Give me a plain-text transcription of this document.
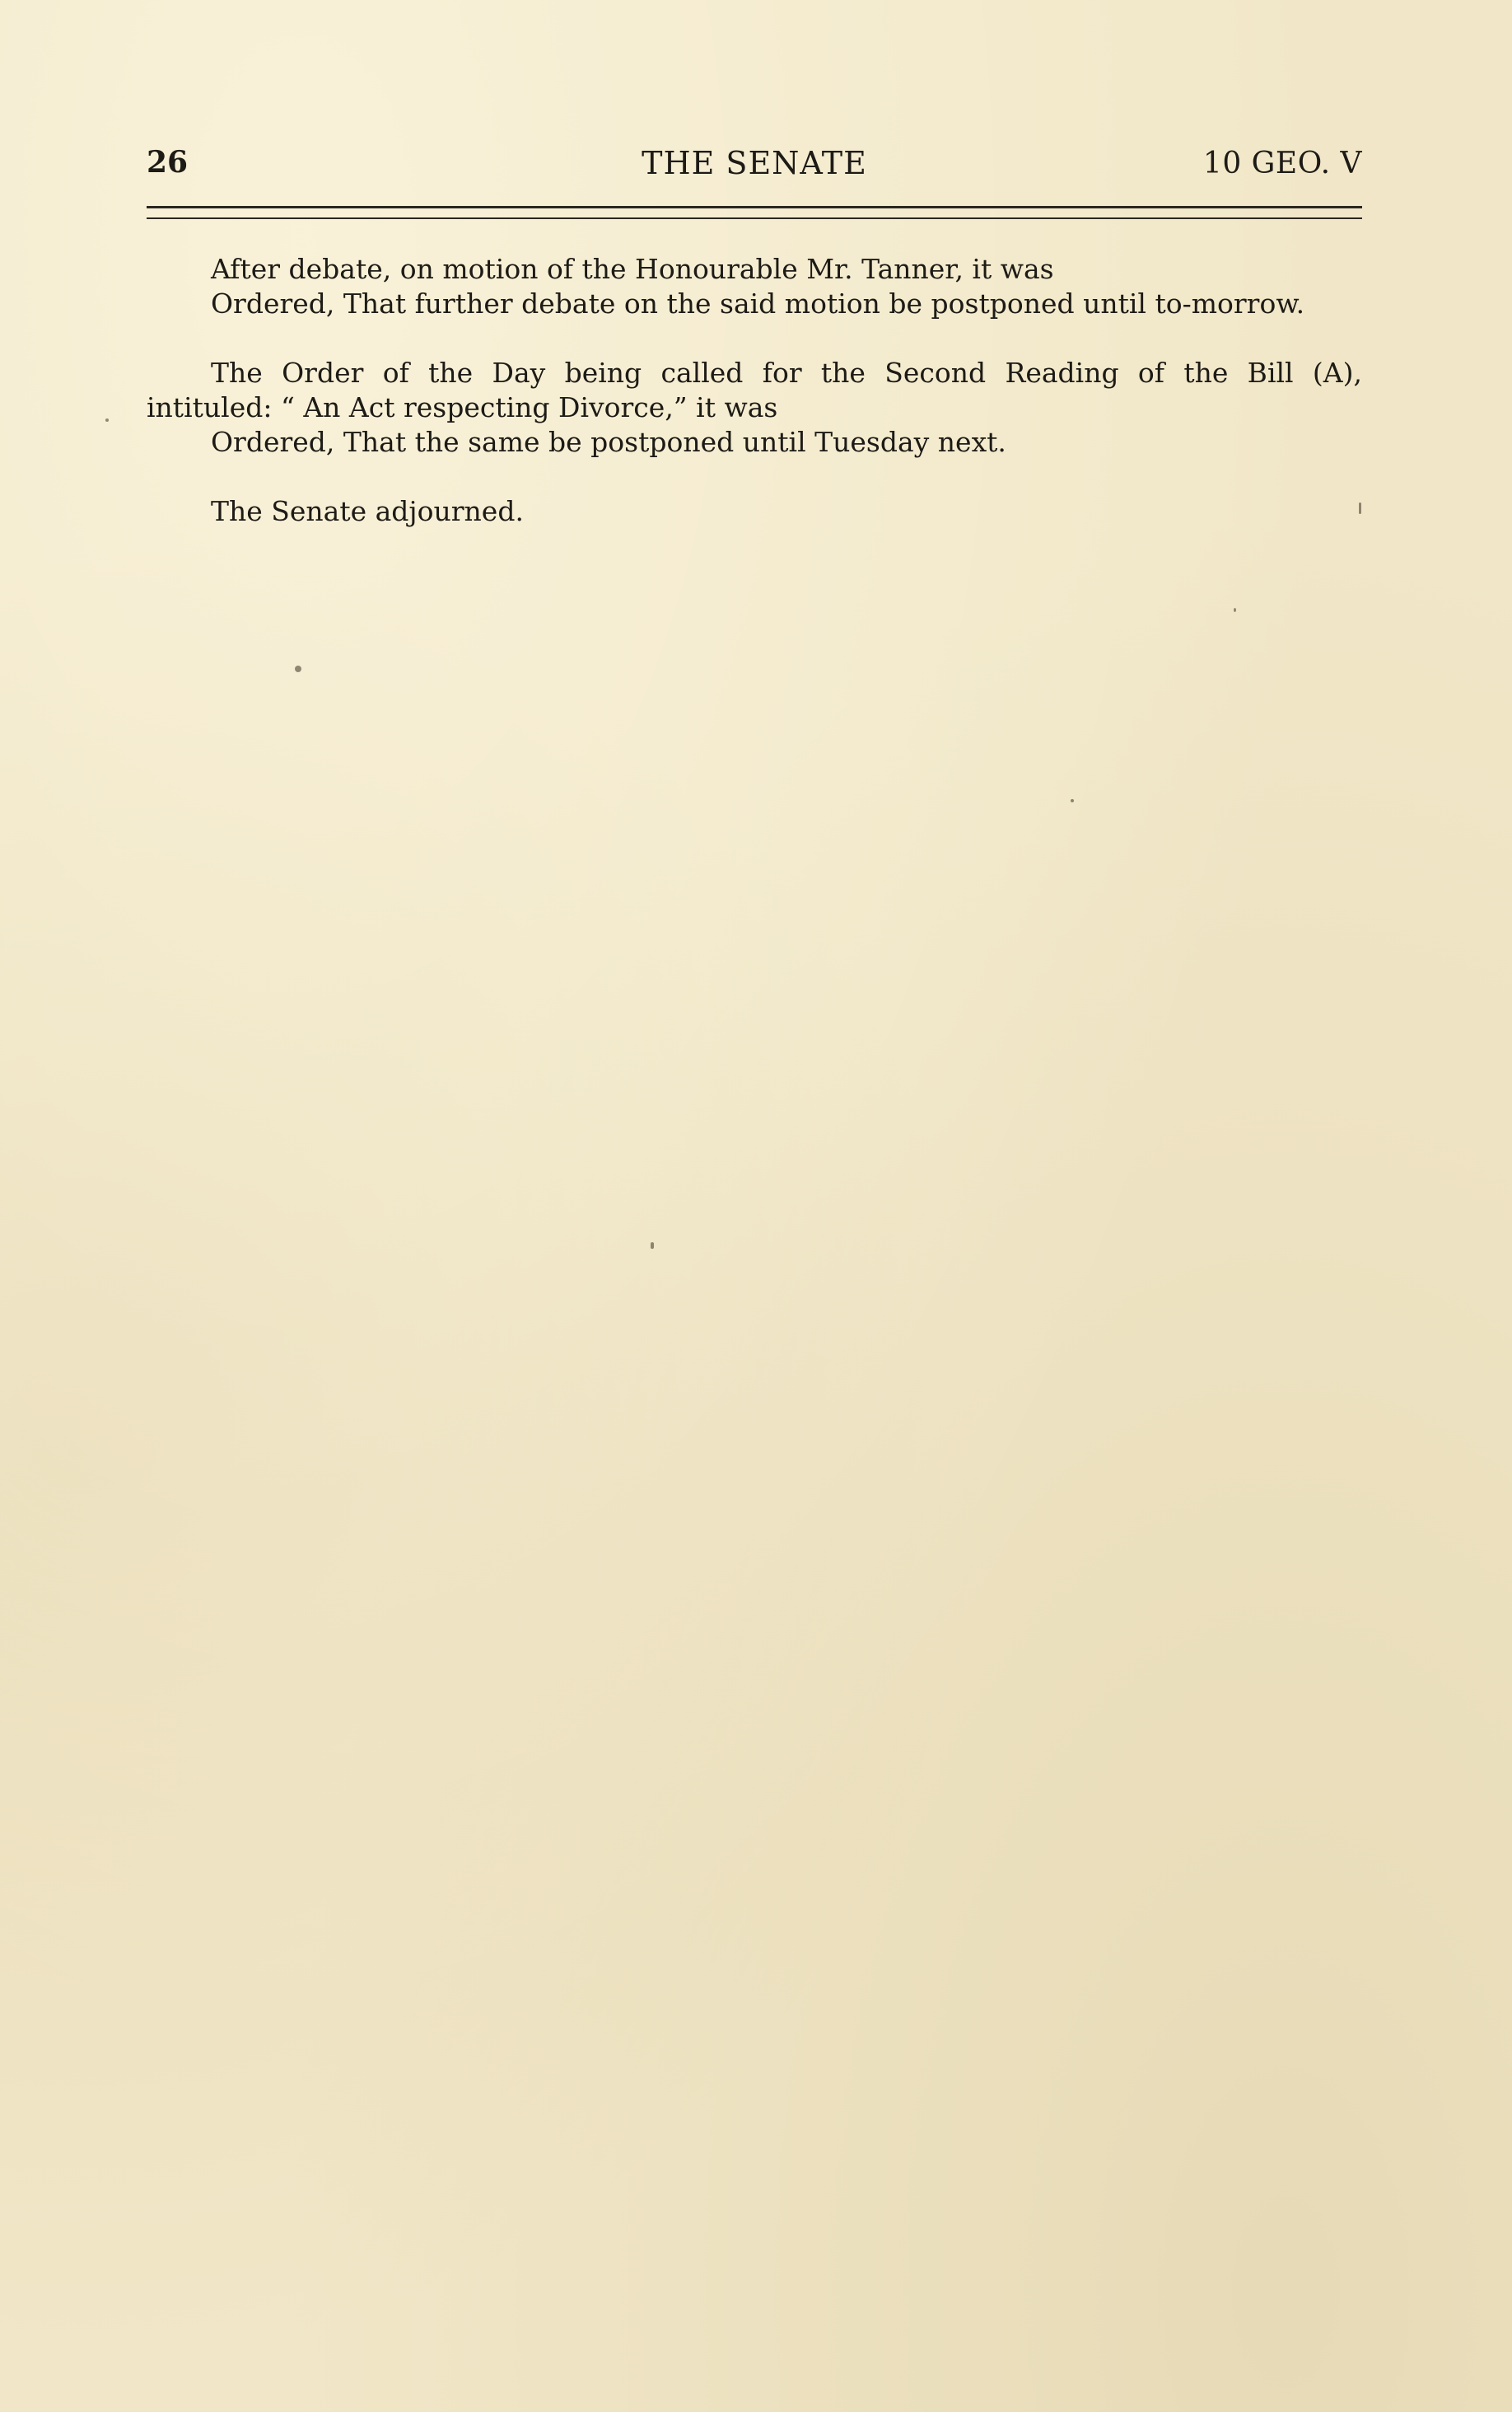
26	THE SENATE	10 GEO. V

After debate, on motion of the Honourable Mr. Tanner, it was

Ordered, That further debate on the said motion be postponed until to-morrow.

The Order of the Day being called for the Second Reading of the Bill (A),

intituled: “ An Act respecting Divorce,” it was

Ordered, That the same be postponed until Tuesday next.

The Senate adjourned.
